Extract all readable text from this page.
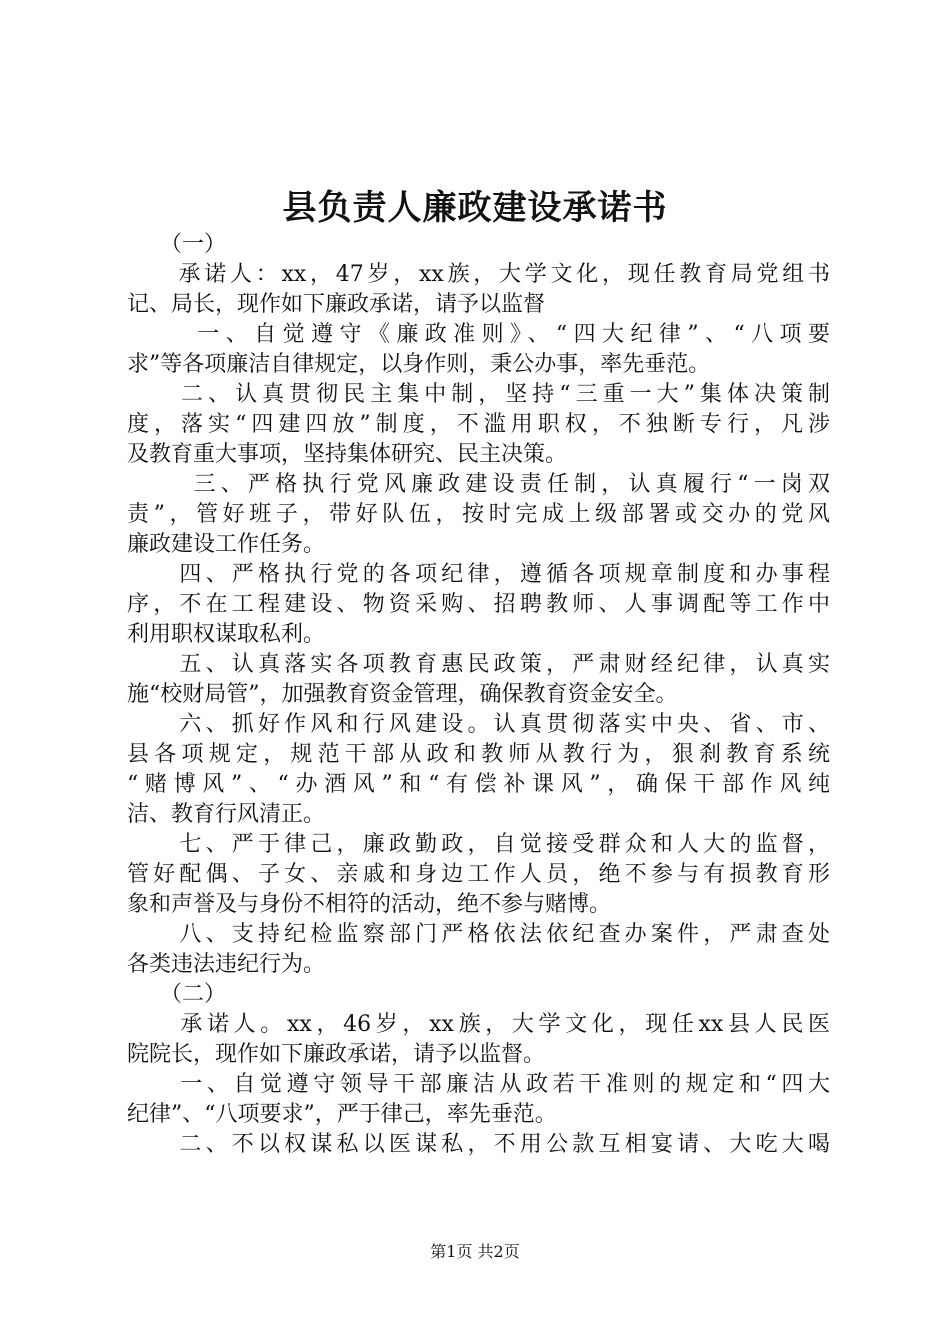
县负责人廉政建设承诺书
　　（一）
　　承诺人：xx，47岁，xx族，大学文化，现任教育局党组书
记、局长，现作如下廉政承诺，请予以监督
　　 一、自觉遵守《廉政准则》、“四大纪律”、“八项要
求”等各项廉洁自律规定，以身作则，秉公办事，率先垂范。
　　二、认真贯彻民主集中制，坚持“三重一大”集体决策制
度，落实“四建四放”制度，不滥用职权，不独断专行，凡涉
及教育重大事项，坚持集体研究、民主决策。
　　 三、严格执行党风廉政建设责任制，认真履行“一岗双
责”，管好班子，带好队伍，按时完成上级部署或交办的党风
廉政建设工作任务。
　　四、严格执行党的各项纪律，遵循各项规章制度和办事程
序，不在工程建设、物资采购、招聘教师、人事调配等工作中
利用职权谋取私利。
　　五、认真落实各项教育惠民政策，严肃财经纪律，认真实
施“校财局管”，加强教育资金管理，确保教育资金安全。
　　六、抓好作风和行风建设。认真贯彻落实中央、省、市、
县各项规定，规范干部从政和教师从教行为，狠刹教育系统
“赌博风”、“办酒风”和“有偿补课风”，确保干部作风纯
洁、教育行风清正。
　　七、严于律己，廉政勤政，自觉接受群众和人大的监督，
管好配偶、子女、亲戚和身边工作人员，绝不参与有损教育形
象和声誉及与身份不相符的活动，绝不参与赌博。
　　八、支持纪检监察部门严格依法依纪查办案件，严肃查处
各类违法违纪行为。
　　（二）
　　承诺人。xx，46岁，xx族，大学文化，现任xx县人民医
院院长，现作如下廉政承诺，请予以监督。
　　一、自觉遵守领导干部廉洁从政若干准则的规定和“四大
纪律”、“八项要求”，严于律己，率先垂范。
　　二、不以权谋私以医谋私，不用公款互相宴请、大吃大喝
第1页 共2页
